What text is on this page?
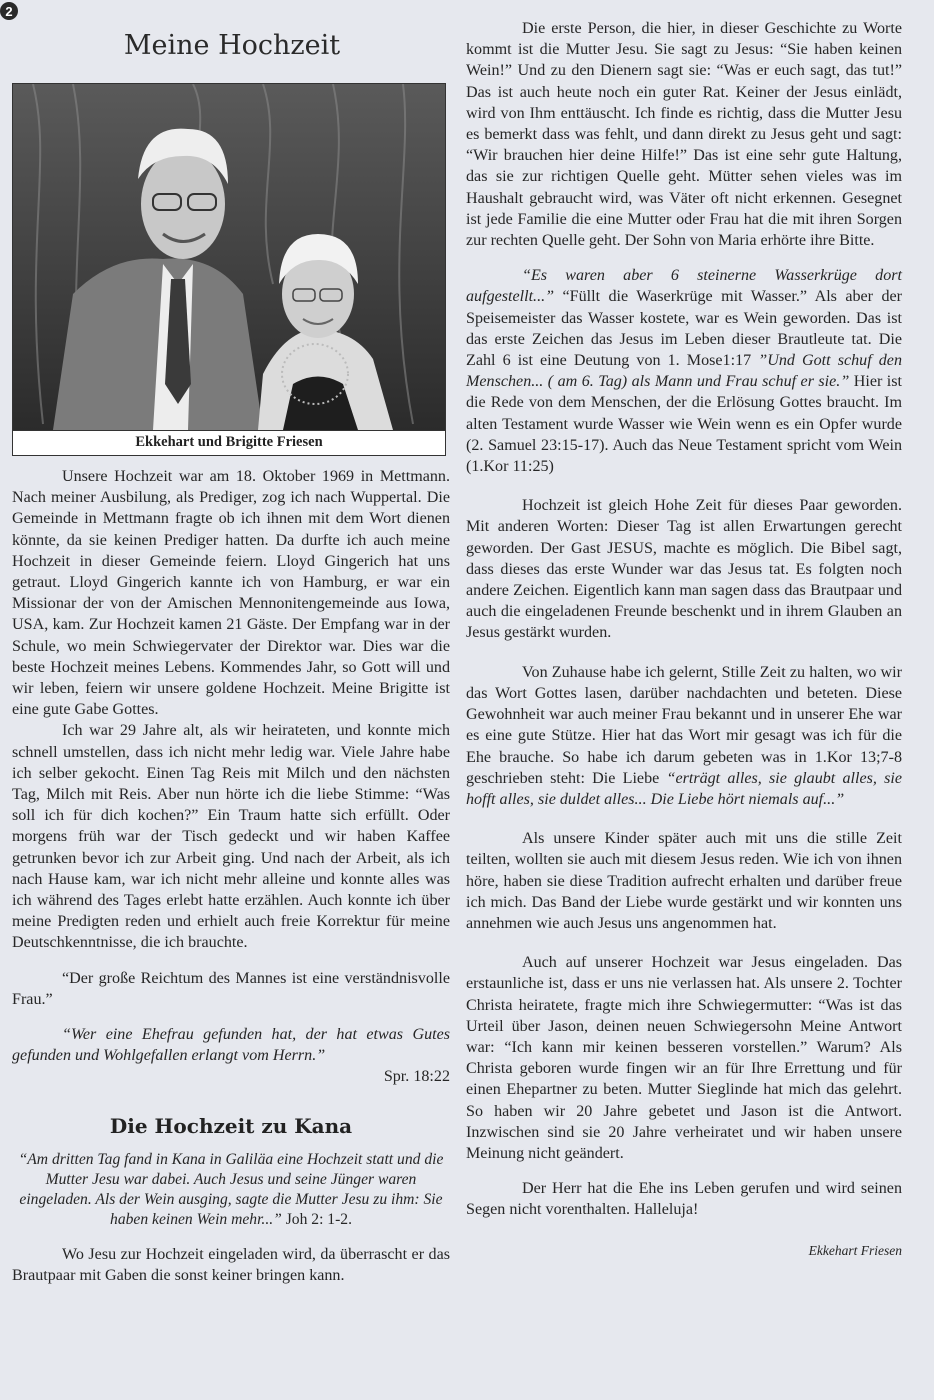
2
Meine Hochzeit
Ekkehart und Brigitte Friesen

Unsere Hochzeit war am 18. Oktober 1969 in Mettmann. Nach meiner Ausbilung, als Prediger, zog ich nach Wuppertal. Die Gemeinde in Mettmann fragte ob ich ihnen mit dem Wort dienen könnte, da sie keinen Prediger hatten. Da durfte ich auch meine Hochzeit in dieser Gemeinde feiern. Lloyd Gingerich hat uns getraut. Lloyd Gingerich kannte ich von Hamburg, er war ein Missionar der von der Amischen Mennonitengemeinde aus Iowa, USA, kam. Zur Hochzeit kamen 21 Gäste. Der Empfang war in der Schule, wo mein Schwiegervater der Direktor war. Dies war die beste Hochzeit meines Lebens. Kommendes Jahr, so Gott will und wir leben, feiern wir unsere goldene Hochzeit. Meine Brigitte ist eine gute Gabe Gottes.

Ich war 29 Jahre alt, als wir heirateten, und konnte mich schnell umstellen, dass ich nicht mehr ledig war. Viele Jahre habe ich selber gekocht. Einen Tag Reis mit Milch und den nächsten Tag, Milch mit Reis. Aber nun hörte ich die liebe Stimme: “Was soll ich für dich kochen?” Ein Traum hatte sich erfüllt. Oder morgens früh war der Tisch gedeckt und wir haben Kaffee getrunken bevor ich zur Arbeit ging. Und nach der Arbeit, als ich nach Hause kam, war ich nicht mehr alleine und konnte alles was ich während des Tages erlebt hatte erzählen. Auch konnte ich über meine Predigten reden und erhielt auch freie Korrektur für meine Deutschkenntnisse, die ich brauchte.

“Der große Reichtum des Mannes ist eine verständnisvolle Frau.”

“Wer eine Ehefrau gefunden hat, der hat etwas Gutes gefunden und Wohlgefallen erlangt vom Herrn.”

Spr. 18:22
Die Hochzeit zu Kana
“Am dritten Tag fand in Kana in Galiläa eine Hochzeit statt und die Mutter Jesu war dabei. Auch Jesus und seine Jünger waren eingeladen. Als der Wein ausging, sagte die Mutter Jesu zu ihm: Sie haben keinen Wein mehr...” Joh 2: 1-2.

Wo Jesu zur Hochzeit eingeladen wird, da überrascht er das Brautpaar mit Gaben die sonst keiner bringen kann.

Die erste Person, die hier, in dieser Geschichte zu Worte kommt ist die Mutter Jesu. Sie sagt zu Jesus: “Sie haben keinen Wein!” Und zu den Dienern sagt sie: “Was er euch sagt, das tut!” Das ist auch heute noch ein guter Rat. Keiner der Jesus einlädt, wird von Ihm enttäuscht. Ich finde es richtig, dass die Mutter Jesu es bemerkt dass was fehlt, und dann direkt zu Jesus geht und sagt: “Wir brauchen hier deine Hilfe!” Das ist eine sehr gute Haltung, das sie zur richtigen Quelle geht. Mütter sehen vieles was im Haushalt gebraucht wird, was Väter oft nicht erkennen. Gesegnet ist jede Familie die eine Mutter oder Frau hat die mit ihren Sorgen zur rechten Quelle geht. Der Sohn von Maria erhörte ihre Bitte.

“Es waren aber 6 steinerne Wasserkrüge dort aufgestellt...” “Füllt die Waserkrüge mit Wasser.” Als aber der Speisemeister das Wasser kostete, war es Wein geworden. Das ist das erste Zeichen das Jesus im Leben dieser Brautleute tat. Die Zahl 6 ist eine Deutung von 1. Mose1:17 ”Und Gott schuf den Menschen... ( am 6. Tag) als Mann und Frau schuf er sie.” Hier ist die Rede von dem Menschen, der die Erlösung Gottes braucht. Im alten Testament wurde Wasser wie Wein wenn es ein Opfer wurde (2. Samuel 23:15-17). Auch das Neue Testament spricht vom Wein (1.Kor 11:25)

Hochzeit ist gleich Hohe Zeit für dieses Paar geworden. Mit anderen Worten: Dieser Tag ist allen Erwartungen gerecht geworden. Der Gast JESUS, machte es möglich. Die Bibel sagt, dass dieses das erste Wunder war das Jesus tat. Es folgten noch andere Zeichen. Eigentlich kann man sagen dass das Brautpaar und auch die eingeladenen Freunde beschenkt und in ihrem Glauben an Jesus gestärkt wurden.

Von Zuhause habe ich gelernt, Stille Zeit zu halten, wo wir das Wort Gottes lasen, darüber nachdachten und beteten. Diese Gewohnheit war auch meiner Frau bekannt und in unserer Ehe war es eine gute Stütze. Hier hat das Wort mir gesagt was ich für die Ehe brauche. So habe ich darum gebeten was in 1.Kor 13;7-8 geschrieben steht: Die Liebe “erträgt alles, sie glaubt alles, sie hofft alles, sie duldet alles... Die Liebe hört niemals auf...”

Als unsere Kinder später auch mit uns die stille Zeit teilten, wollten sie auch mit diesem Jesus reden. Wie ich von ihnen höre, haben sie diese Tradition aufrecht erhalten und darüber freue ich mich. Das Band der Liebe wurde gestärkt und wir konnten uns annehmen wie auch Jesus uns angenommen hat.

Auch auf unserer Hochzeit war Jesus eingeladen. Das erstaunliche ist, dass er uns nie verlassen hat. Als unsere 2. Tochter Christa heiratete, fragte mich ihre Schwiegermutter: “Was ist das Urteil über Jason, deinen neuen Schwiegersohn Meine Antwort war: “Ich kann mir keinen besseren vorstellen.” Warum? Als Christa geboren wurde fingen wir an für Ihre Errettung und für einen Ehepartner zu beten. Mutter Sieglinde hat mich das gelehrt. So haben wir 20 Jahre gebetet und Jason ist die Antwort. Inzwischen sind sie 20 Jahre verheiratet und wir haben unsere Meinung nicht geändert.

Der Herr hat die Ehe ins Leben gerufen und wird seinen Segen nicht vorenthalten. Halleluja!

Ekkehart Friesen
